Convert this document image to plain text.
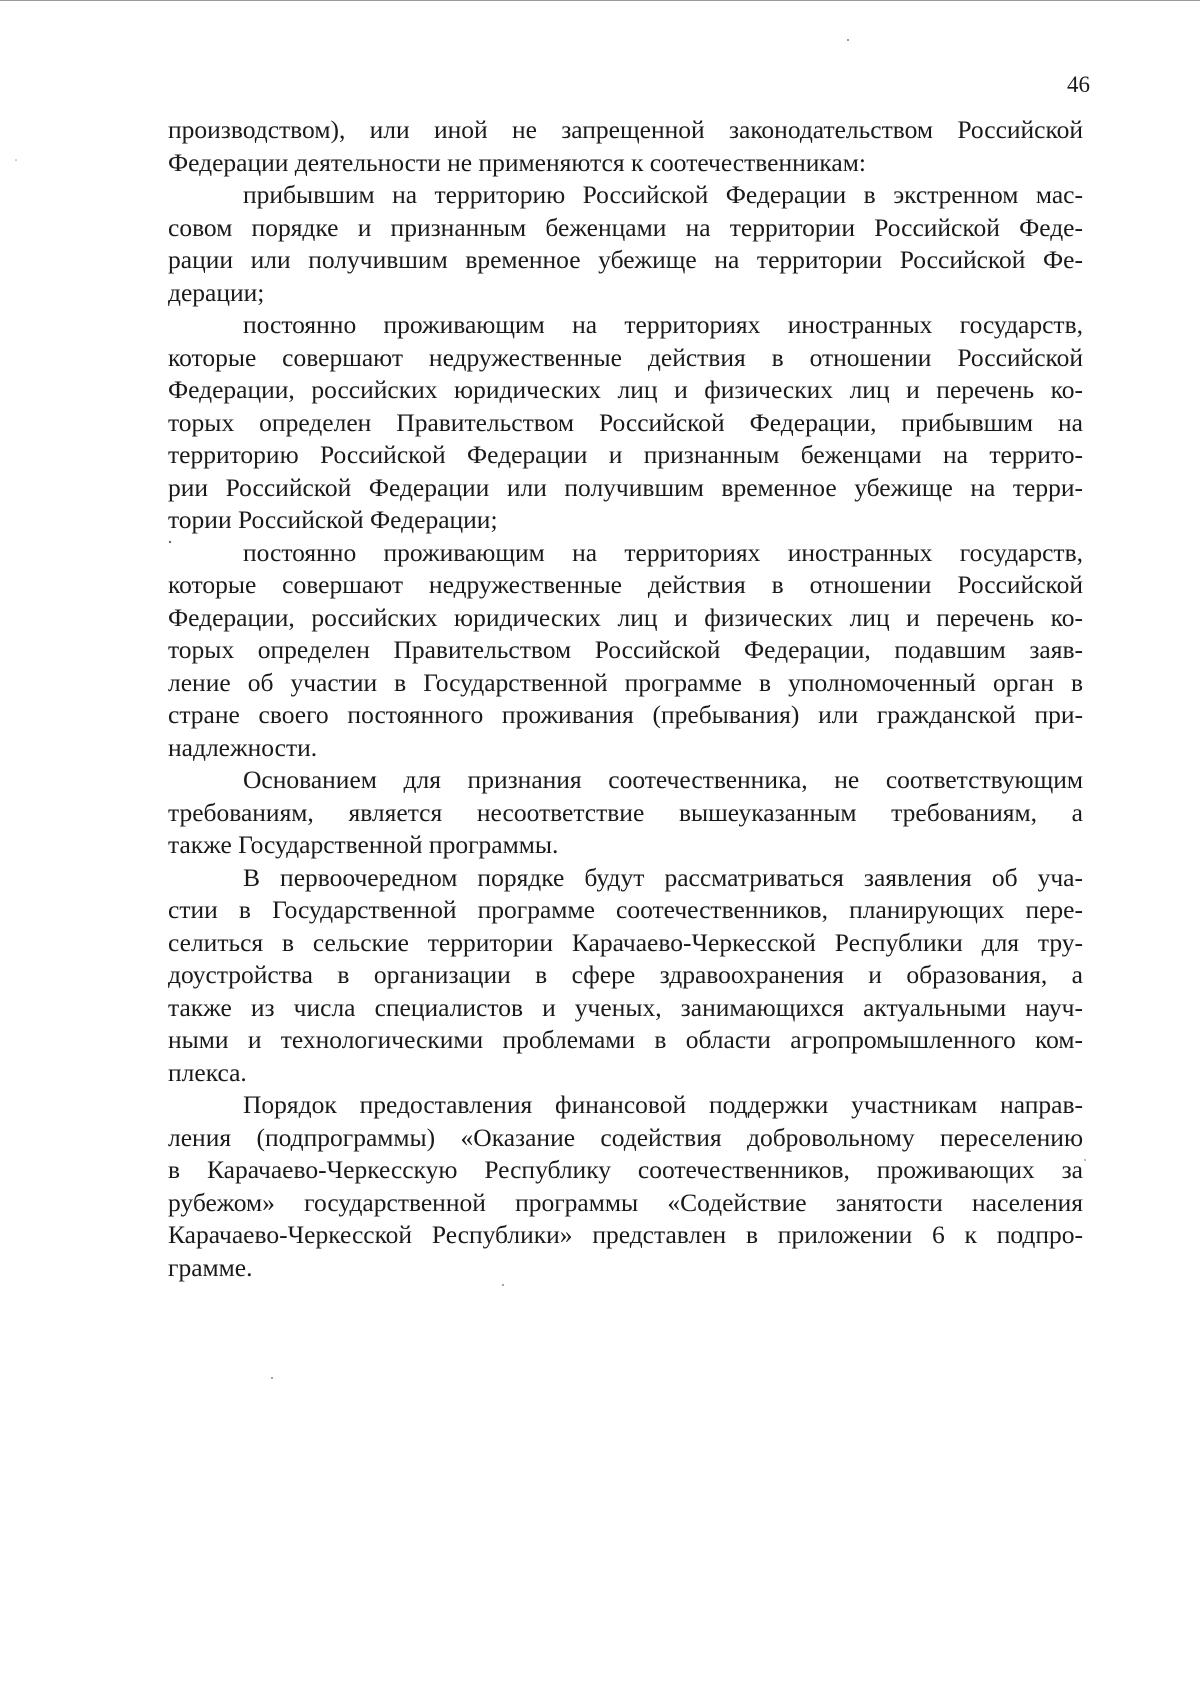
46
производством), или иной не запрещенной законодательством Российской
Федерации деятельности не применяются к соотечественникам:
прибывшим на территорию Российской Федерации в экстренном мас-
совом порядке и признанным беженцами на территории Российской Феде-
рации или получившим временное убежище на территории Российской Фе-
дерации;
постоянно проживающим на территориях иностранных государств,
которые совершают недружественные действия в отношении Российской
Федерации, российских юридических лиц и физических лиц и перечень ко-
торых определен Правительством Российской Федерации, прибывшим на
территорию Российской Федерации и признанным беженцами на террито-
рии Российской Федерации или получившим временное убежище на терри-
тории Российской Федерации;
постоянно проживающим на территориях иностранных государств,
которые совершают недружественные действия в отношении Российской
Федерации, российских юридических лиц и физических лиц и перечень ко-
торых определен Правительством Российской Федерации, подавшим заяв-
ление об участии в Государственной программе в уполномоченный орган в
стране своего постоянного проживания (пребывания) или гражданской при-
надлежности.
Основанием для признания соотечественника, не соответствующим
требованиям, является несоответствие вышеуказанным требованиям, а
также Государственной программы.
В первоочередном порядке будут рассматриваться заявления об уча-
стии в Государственной программе соотечественников, планирующих пере-
селиться в сельские территории Карачаево-Черкесской Республики для тру-
доустройства в организации в сфере здравоохранения и образования, а
также из числа специалистов и ученых, занимающихся актуальными науч-
ными и технологическими проблемами в области агропромышленного ком-
плекса.
Порядок предоставления финансовой поддержки участникам направ-
ления (подпрограммы) «Оказание содействия добровольному переселению
в Карачаево-Черкесскую Республику соотечественников, проживающих за
рубежом» государственной программы «Содействие занятости населения
Карачаево-Черкесской Республики» представлен в приложении 6 к подпро-
грамме.
